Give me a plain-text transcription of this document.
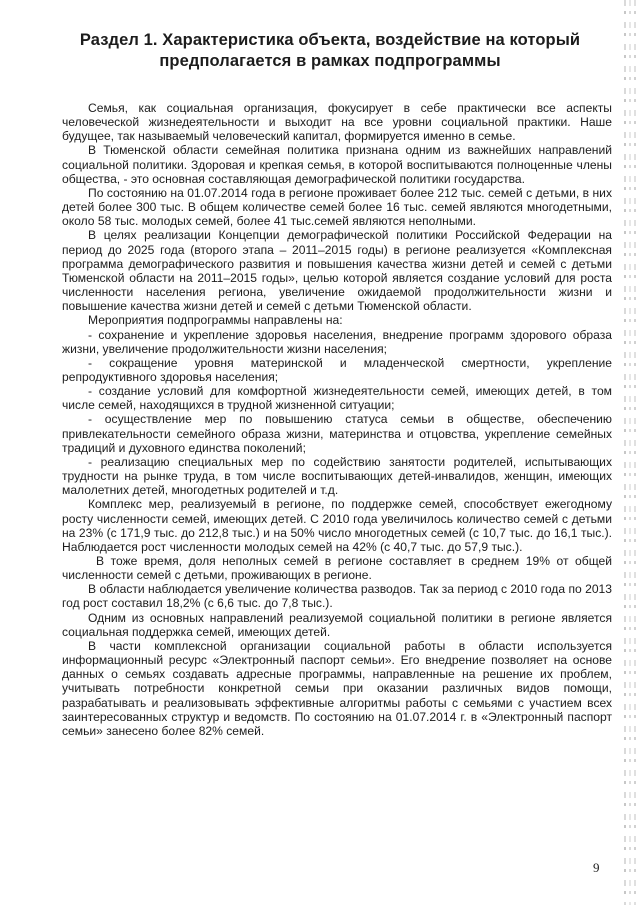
Раздел 1. Характеристика объекта, воздействие на который предполагается в рамках подпрограммы

Семья, как социальная организация, фокусирует в себе практически все аспекты человеческой жизнедеятельности и выходит на все уровни социальной практики. Наше будущее, так называемый человеческий капитал, формируется именно в семье.

В Тюменской области семейная политика признана одним из важнейших направлений социальной политики. Здоровая и крепкая семья, в которой воспитываются полноценные члены общества, - это основная составляющая демографической политики государства.

По состоянию на 01.07.2014 года в регионе проживает более 212 тыс. семей с детьми, в них детей более 300 тыс. В общем количестве семей более 16 тыс. семей являются многодетными, около 58 тыс. молодых семей, более 41 тыс.семей являются неполными.

В целях реализации Концепции демографической политики Российской Федерации на период до 2025 года (второго этапа – 2011–2015 годы) в регионе реализуется «Комплексная программа демографического развития и повышения качества жизни детей и семей с детьми Тюменской области на 2011–2015 годы», целью которой является создание условий для роста численности населения региона, увеличение ожидаемой продолжительности жизни и повышение качества жизни детей и семей с детьми Тюменской области.

Мероприятия подпрограммы направлены на:

- сохранение и укрепление здоровья населения, внедрение программ здорового образа жизни, увеличение продолжительности жизни населения;

- сокращение уровня материнской и младенческой смертности, укрепление репродуктивного здоровья населения;

- создание условий для комфортной жизнедеятельности семей, имеющих детей, в том числе семей, находящихся в трудной жизненной ситуации;

- осуществление мер по повышению статуса семьи в обществе, обеспечению привлекательности семейного образа жизни, материнства и отцовства, укрепление семейных традиций и духовного единства поколений;

- реализацию специальных мер по содействию занятости родителей, испытывающих трудности на рынке труда, в том числе воспитывающих детей-инвалидов, женщин, имеющих малолетних детей, многодетных родителей и т.д.

Комплекс мер, реализуемый в регионе, по поддержке семей, способствует ежегодному росту численности семей, имеющих детей. С 2010 года увеличилось количество семей с детьми на 23% (с 171,9 тыс. до 212,8 тыс.) и на 50% число многодетных семей (с 10,7 тыс. до 16,1 тыс.). Наблюдается рост численности молодых семей на 42% (с 40,7 тыс. до 57,9 тыс.).

В тоже время, доля неполных семей в регионе составляет в среднем 19% от общей численности семей с детьми, проживающих в регионе.

В области наблюдается увеличение количества разводов. Так за период с 2010 года по 2013 год рост составил 18,2% (с 6,6 тыс. до 7,8 тыс.).

Одним из основных направлений реализуемой социальной политики в регионе является социальная поддержка семей, имеющих детей.

В части комплексной организации социальной работы в области используется информационный ресурс «Электронный паспорт семьи». Его внедрение позволяет на основе данных о семьях создавать адресные программы, направленные на решение их проблем, учитывать потребности конкретной семьи при оказании различных видов помощи, разрабатывать и реализовывать эффективные алгоритмы работы с семьями с участием всех заинтересованных структур и ведомств. По состоянию на 01.07.2014 г. в «Электронный паспорт семьи» занесено более 82% семей.

9
